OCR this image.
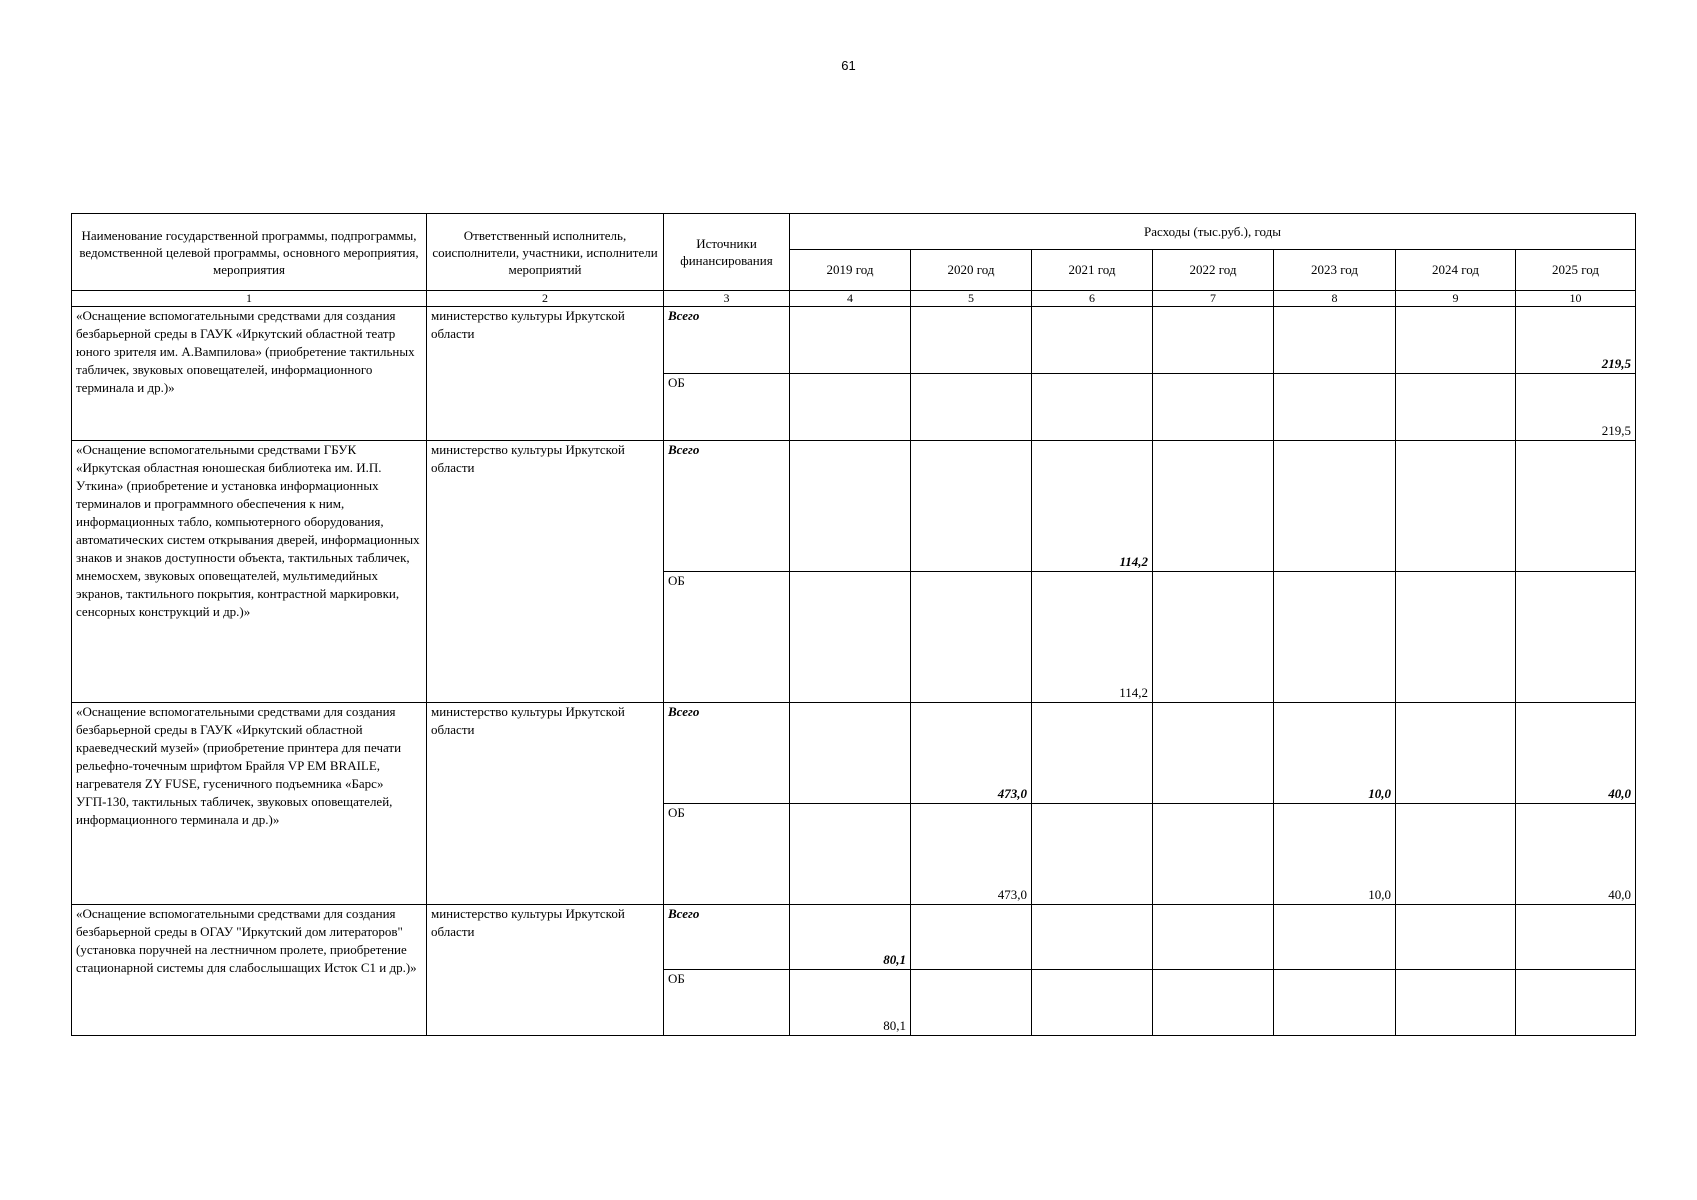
61
Наименование государственной программы, подпрограммы, ведомственной целевой программы, основного мероприятия, мероприятия	Ответственный исполнитель, соисполнители, участники, исполнители мероприятий	Источники финансирования	Расходы (тыс.руб.), годы						
			2019 год	2020 год	2021 год	2022 год	2023 год	2024 год	2025 год
1	2	3	4	5	6	7	8	9	10
«Оснащение вспомогательными средствами для создания безбарьерной среды в ГАУК «Иркутский областной театр юного зрителя им. А.Вампилова» (приобретение тактильных табличек, звуковых оповещателей, информационного терминала и др.)»	министерство культуры Иркутской области	Всего							219,5
		ОБ							219,5
«Оснащение вспомогательными средствами ГБУК «Иркутская областная юношеская библиотека им. И.П. Уткина» (приобретение и установка информационных терминалов и программного обеспечения к ним, информационных табло, компьютерного оборудования, автоматических систем открывания дверей, информационных знаков и знаков доступности объекта, тактильных табличек, мнемосхем, звуковых оповещателей, мультимедийных экранов, тактильного покрытия, контрастной маркировки, сенсорных конструкций и др.)»	министерство культуры Иркутской области	Всего			114,2				
		ОБ			114,2				
«Оснащение вспомогательными средствами для создания безбарьерной среды в ГАУК «Иркутский областной краеведческий музей» (приобретение принтера для печати рельефно-точечным шрифтом Брайля VP EM BRAILE, нагревателя ZY FUSE, гусеничного подъемника «Барс» УГП-130, тактильных табличек, звуковых оповещателей, информационного терминала и др.)»	министерство культуры Иркутской области	Всего		473,0			10,0		40,0
		ОБ		473,0			10,0		40,0
«Оснащение вспомогательными средствами для создания безбарьерной среды в ОГАУ "Иркутский дом литераторов" (установка поручней на лестничном пролете, приобретение стационарной системы для слабослышащих Исток С1 и др.)»	министерство культуры Иркутской области	Всего	80,1						
		ОБ	80,1						
